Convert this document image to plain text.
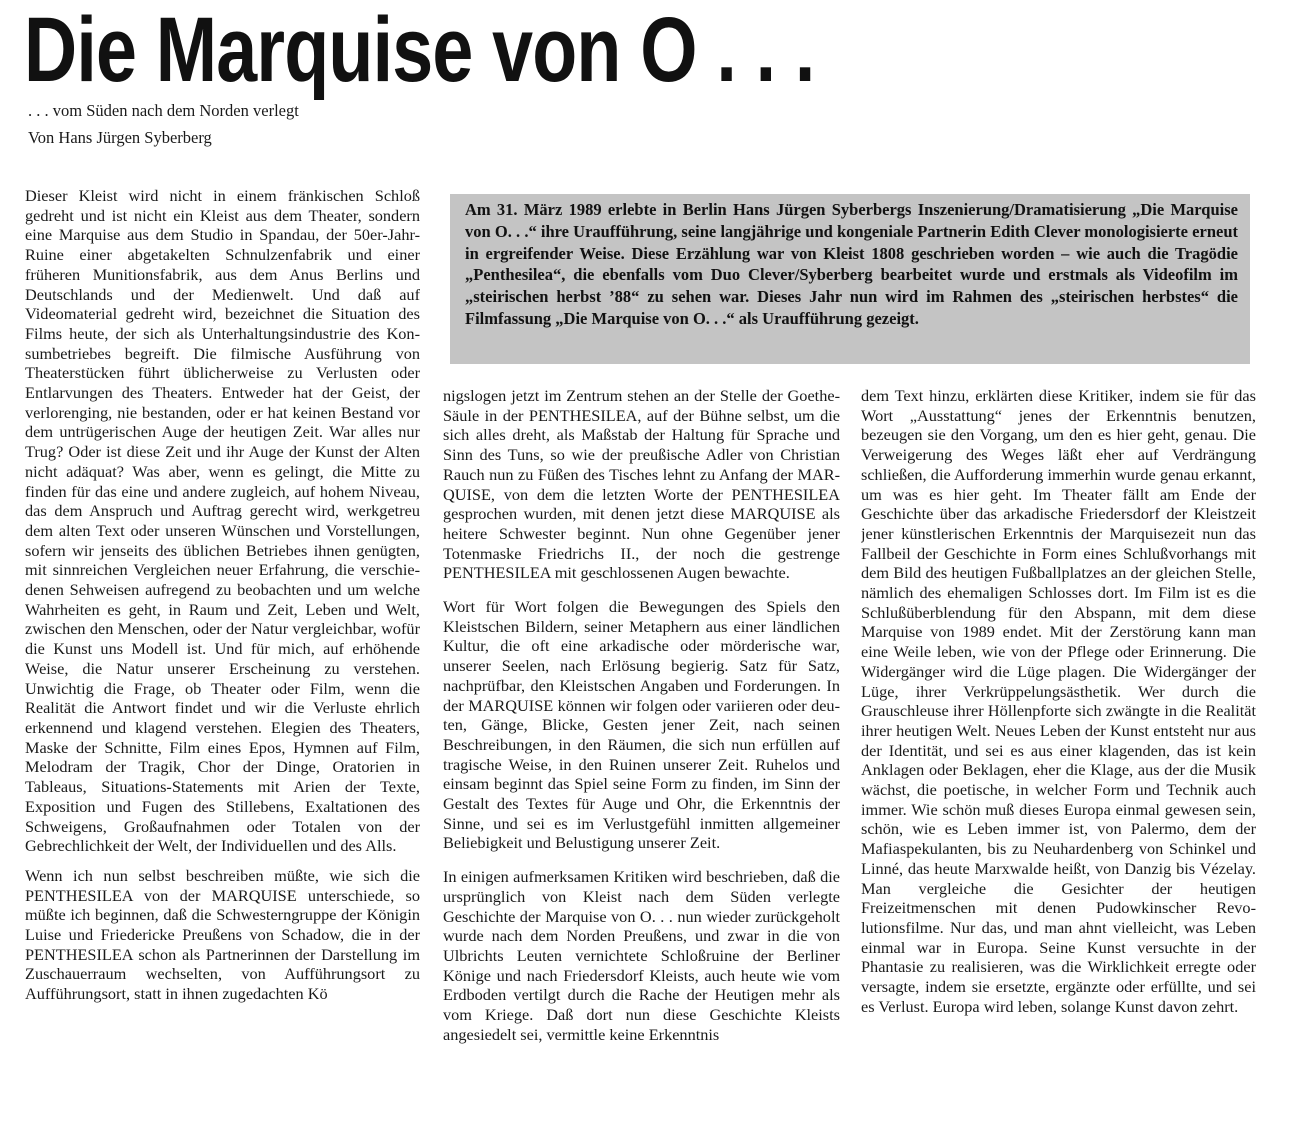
Die Marquise von O . . .
. . . vom Süden nach dem Norden verlegt
Von Hans Jürgen Syberberg

Am 31. März 1989 erlebte in Berlin Hans Jürgen Syberbergs Inszenierung/Dramatisierung „Die Marquise von O. . .“ ihre Uraufführung, seine langjährige und kongeniale Partnerin Edith Clever monologisierte erneut in ergreifender Weise. Diese Erzählung war von Kleist 1808 geschrieben worden – wie auch die Tragödie „Penthesilea“, die ebenfalls vom Duo Clever/Syberberg bearbeitet wurde und erstmals als Videofilm im „steirischen herbst ’88“ zu sehen war. Dieses Jahr nun wird im Rahmen des „steirischen herbstes“ die Filmfassung „Die Marquise von O. . .“ als Uraufführung gezeigt.

Dieser Kleist wird nicht in einem fränkischen Schloß gedreht und ist nicht ein Kleist aus dem Theater, sondern eine Marquise aus dem Studio in Spandau, der 50er-Jahr-Ruine einer abgetakelten Schnulzenfabrik und einer früheren Munitionsfabrik, aus dem Anus Berlins und Deutschlands und der Medienwelt. Und daß auf Videomaterial gedreht wird, bezeichnet die Situation des Films heute, der sich als Unterhaltungsindustrie des Konsumbetriebes begreift. Die filmische Ausführung von Theaterstücken führt üblicherweise zu Verlusten oder Entlarvungen des Theaters. Entweder hat der Geist, der verlorenging, nie bestanden, oder er hat keinen Bestand vor dem untrügerischen Auge der heutigen Zeit. War alles nur Trug? Oder ist diese Zeit und ihr Auge der Kunst der Alten nicht adäquat? Was aber, wenn es gelingt, die Mitte zu finden für das eine und andere zugleich, auf hohem Niveau, das dem Anspruch und Auftrag gerecht wird, werkgetreu dem alten Text oder unseren Wünschen und Vorstellungen, sofern wir jenseits des üblichen Betriebes ihnen genügten, mit sinnreichen Vergleichen neuer Erfahrung, die verschiedenen Sehweisen aufregend zu beobachten und um welche Wahrheiten es geht, in Raum und Zeit, Leben und Welt, zwischen den Menschen, oder der Natur vergleichbar, wofür die Kunst uns Modell ist. Und für mich, auf erhöhende Weise, die Natur unserer Erscheinung zu verstehen. Unwichtig die Frage, ob Theater oder Film, wenn die Realität die Antwort findet und wir die Verluste ehrlich erkennend und klagend verstehen. Elegien des Theaters, Maske der Schnitte, Film eines Epos, Hymnen auf Film, Melodram der Tragik, Chor der Dinge, Oratorien in Tableaus, Situations-Statements mit Arien der Texte, Exposition und Fugen des Stillebens, Exaltationen des Schweigens, Großaufnahmen oder Totalen von der Gebrechlichkeit der Welt, der Individuellen und des Alls.

Wenn ich nun selbst beschreiben müßte, wie sich die PENTHESILEA von der MARQUISE unterschiede, so müßte ich beginnen, daß die Schwesterngruppe der Königin Luise und Friedericke Preußens von Schadow, die in der PENTHESILEA schon als Partnerinnen der Darstellung im Zuschauerraum wechselten, von Aufführungsort zu Aufführungsort, statt in ihnen zugedachten Kö

nigslogen jetzt im Zentrum stehen an der Stelle der Goethe-Säule in der PENTHESILEA, auf der Bühne selbst, um die sich alles dreht, als Maßstab der Haltung für Sprache und Sinn des Tuns, so wie der preußische Adler von Christian Rauch nun zu Füßen des Tisches lehnt zu Anfang der MARQUISE, von dem die letzten Worte der PENTHESILEA gesprochen wurden, mit denen jetzt diese MARQUISE als heitere Schwester beginnt. Nun ohne Gegenüber jener Totenmaske Friedrichs II., der noch die gestrenge PENTHESILEA mit geschlossenen Augen bewachte.

Wort für Wort folgen die Bewegungen des Spiels den Kleistschen Bildern, seiner Metaphern aus einer ländlichen Kultur, die oft eine arkadische oder mörderische war, unserer Seelen, nach Erlösung begierig. Satz für Satz, nachprüfbar, den Kleistschen Angaben und Forderungen. In der MARQUISE können wir folgen oder variieren oder deuten, Gänge, Blicke, Gesten jener Zeit, nach seinen Beschreibungen, in den Räumen, die sich nun erfüllen auf tragische Weise, in den Ruinen unserer Zeit. Ruhelos und einsam beginnt das Spiel seine Form zu finden, im Sinn der Gestalt des Textes für Auge und Ohr, die Erkenntnis der Sinne, und sei es im Verlustgefühl inmitten allgemeiner Beliebigkeit und Belustigung unserer Zeit.

In einigen aufmerksamen Kritiken wird beschrieben, daß die ursprünglich von Kleist nach dem Süden verlegte Geschichte der Marquise von O. . . nun wieder zurückgeholt wurde nach dem Norden Preußens, und zwar in die von Ulbrichts Leuten vernichtete Schloßruine der Berliner Könige und nach Friedersdorf Kleists, auch heute wie vom Erdboden vertilgt durch die Rache der Heutigen mehr als vom Kriege. Daß dort nun diese Geschichte Kleists angesiedelt sei, vermittle keine Erkenntnis

dem Text hinzu, erklärten diese Kritiker, indem sie für das Wort „Ausstattung“ jenes der Erkenntnis benutzen, bezeugen sie den Vorgang, um den es hier geht, genau. Die Verweigerung des Weges läßt eher auf Verdrängung schließen, die Aufforderung immerhin wurde genau erkannt, um was es hier geht. Im Theater fällt am Ende der Geschichte über das arkadische Friedersdorf der Kleistzeit jener künstlerischen Erkenntnis der Marquisezeit nun das Fallbeil der Geschichte in Form eines Schlußvorhangs mit dem Bild des heutigen Fußballplatzes an der gleichen Stelle, nämlich des ehemaligen Schlosses dort. Im Film ist es die Schlußüberblendung für den Abspann, mit dem diese Marquise von 1989 endet. Mit der Zerstörung kann man eine Weile leben, wie von der Pflege oder Erinnerung. Die Widergänger wird die Lüge plagen. Die Widergänger der Lüge, ihrer Verkrüppelungsästhetik. Wer durch die Grauschleuse ihrer Höllenpforte sich zwängte in die Realität ihrer heutigen Welt. Neues Leben der Kunst entsteht nur aus der Identität, und sei es aus einer klagenden, das ist kein Anklagen oder Beklagen, eher die Klage, aus der die Musik wächst, die poetische, in welcher Form und Technik auch immer. Wie schön muß dieses Europa einmal gewesen sein, schön, wie es Leben immer ist, von Palermo, dem der Mafiaspekulanten, bis zu Neuhardenberg von Schinkel und Linné, das heute Marxwalde heißt, von Danzig bis Vézelay. Man vergleiche die Gesichter der heutigen Freizeitmenschen mit denen Pudowkinscher Revolutionsfilme. Nur das, und man ahnt vielleicht, was Leben einmal war in Europa. Seine Kunst versuchte in der Phantasie zu realisieren, was die Wirklichkeit erregte oder versagte, indem sie ersetzte, ergänzte oder erfüllte, und sei es Verlust. Europa wird leben, solange Kunst davon zehrt.
